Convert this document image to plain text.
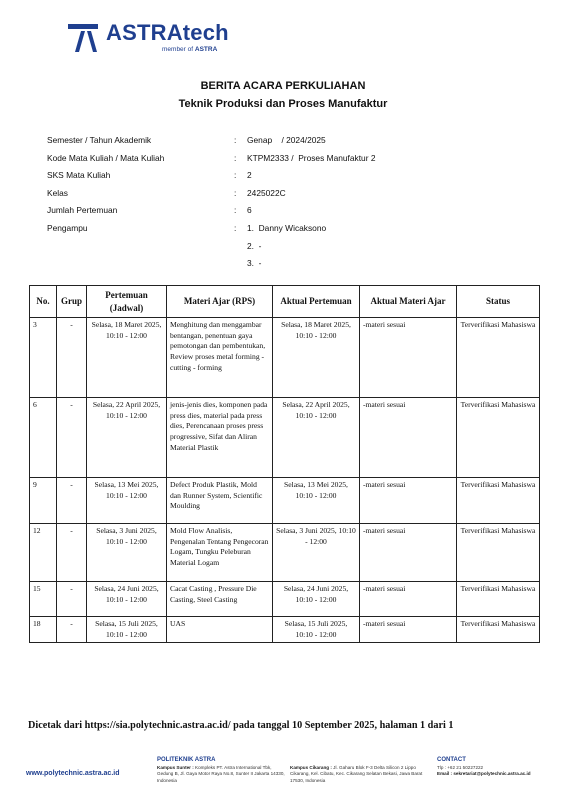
ASTRAtech
member of ASTRA
BERITA ACARA PERKULIAHAN
Teknik Produksi dan Proses Manufaktur
Semester / Tahun Akademik	: Genap    / 2024/2025
Kode Mata Kuliah / Mata Kuliah	: KTPM2333 /  Proses Manufaktur 2
SKS Mata Kuliah	: 2
Kelas	: 2425022C
Jumlah Pertemuan	: 6
Pengampu	: 1.  Danny Wicaksono
2.  -
3.  -
No.	Grup	Pertemuan (Jadwal)	Materi Ajar (RPS)	Aktual Pertemuan	Aktual Materi Ajar	Status
3	-	Selasa, 18 Maret 2025, 10:10 - 12:00	Menghitung dan menggambar bentangan, penentuan gaya pemotongan dan pembentukan, Review proses metal forming - cutting - forming	Selasa, 18 Maret 2025, 10:10 - 12:00	-materi sesuai	Terverifikasi Mahasiswa
6	-	Selasa, 22 April 2025, 10:10 - 12:00	jenis-jenis dies, komponen pada press dies, material pada press dies, Perencanaan proses press progressive, Sifat dan Aliran Material Plastik	Selasa, 22 April 2025, 10:10 - 12:00	-materi sesuai	Terverifikasi Mahasiswa
9	-	Selasa, 13 Mei 2025, 10:10 - 12:00	Defect Produk Plastik, Mold dan Runner System, Scientific Moulding	Selasa, 13 Mei 2025, 10:10 - 12:00	-materi sesuai	Terverifikasi Mahasiswa
12	-	Selasa, 3 Juni 2025, 10:10 - 12:00	Mold Flow Analisis, Pengenalan Tentang Pengecoran Logam, Tungku Peleburan Material Logam	Selasa, 3 Juni 2025, 10:10 - 12:00	-materi sesuai	Terverifikasi Mahasiswa
15	-	Selasa, 24 Juni 2025, 10:10 - 12:00	Cacat Casting , Pressure Die Casting, Steel Casting	Selasa, 24 Juni 2025, 10:10 - 12:00	-materi sesuai	Terverifikasi Mahasiswa
18	-	Selasa, 15 Juli 2025, 10:10 - 12:00	UAS	Selasa, 15 Juli 2025, 10:10 - 12:00	-materi sesuai	Terverifikasi Mahasiswa
Dicetak dari https://sia.polytechnic.astra.ac.id/ pada tanggal 10 September 2025, halaman 1 dari 1
www.polytechnic.astra.ac.id
POLITEKNIK ASTRA
Kampus Sunter : Kompleks PT. Astra International Tbk, Gedung B, Jl. Gaya Motor Raya No.8, Sunter II Jakarta 14330, Indonesia

Kampus Cikarang : Jl. Gaharu Blok F-3 Delta Silicon 2 Lippo Cikarang, Kel. Cibatu, Kec. Cikarang Selatan Bekasi, Jawa Barat 17530, Indonesia
CONTACT
Tlp : +62 21 50227222
Email : sekretariat@polytechnic.astra.ac.id
